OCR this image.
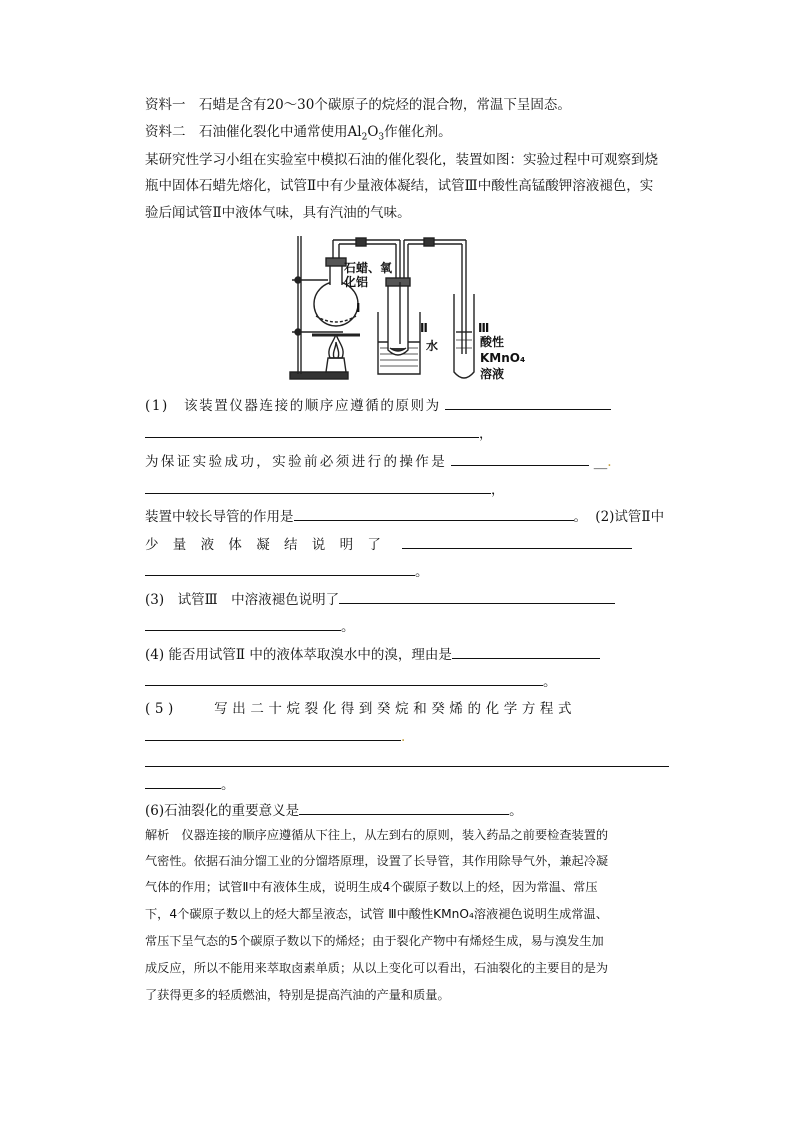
资料一　石蜡是含有20～30个碳原子的烷烃的混合物，常温下呈固态。
资料二　石油催化裂化中通常使用$Al_2O_3$作催化剂。
某研究性学习小组在实验室中模拟石油的催化裂化，装置如图：实验过程中可观察到烧
瓶中固体石蜡先熔化，试管Ⅱ中有少量液体凝结，试管Ⅲ中酸性高锰酸钾溶液褪色，实
验后闻试管Ⅱ中液体气味，具有汽油的气味。
石蜡、氧
化铝
Ⅰ
Ⅱ
水
Ⅲ
酸性
KMnO₄
溶液
(1)　该装置仪器连接的顺序应遵循的原则为
，
为保证实验成功，实验前必须进行的操作是	__.
，
装置中较长导管的作用是	。 (2)试管Ⅱ中
少　量　液　体　凝　结　说　明　了
。
(3)　试管Ⅲ　中溶液褪色说明了
。
(4) 能否用试管Ⅱ 中的液体萃取溴水中的溴，理由是
。
(5)　　写出二十烷裂化得到癸烷和癸烯的化学方程式
.
。
(6)石油裂化的重要意义是	。
解析　仪器连接的顺序应遵循从下往上，从左到右的原则，装入药品之前要检查装置的
气密性。依据石油分馏工业的分馏塔原理，设置了长导管，其作用除导气外，兼起冷凝
气体的作用；试管Ⅱ中有液体生成，说明生成4个碳原子数以上的烃，因为常温、常压
下，4个碳原子数以上的烃大都呈液态，试管 Ⅲ中酸性KMnO₄溶液褪色说明生成常温、
常压下呈气态的5个碳原子数以下的烯烃；由于裂化产物中有烯烃生成，易与溴发生加
成反应，所以不能用来萃取卤素单质；从以上变化可以看出，石油裂化的主要目的是为
了获得更多的轻质燃油，特别是提高汽油的产量和质量。
